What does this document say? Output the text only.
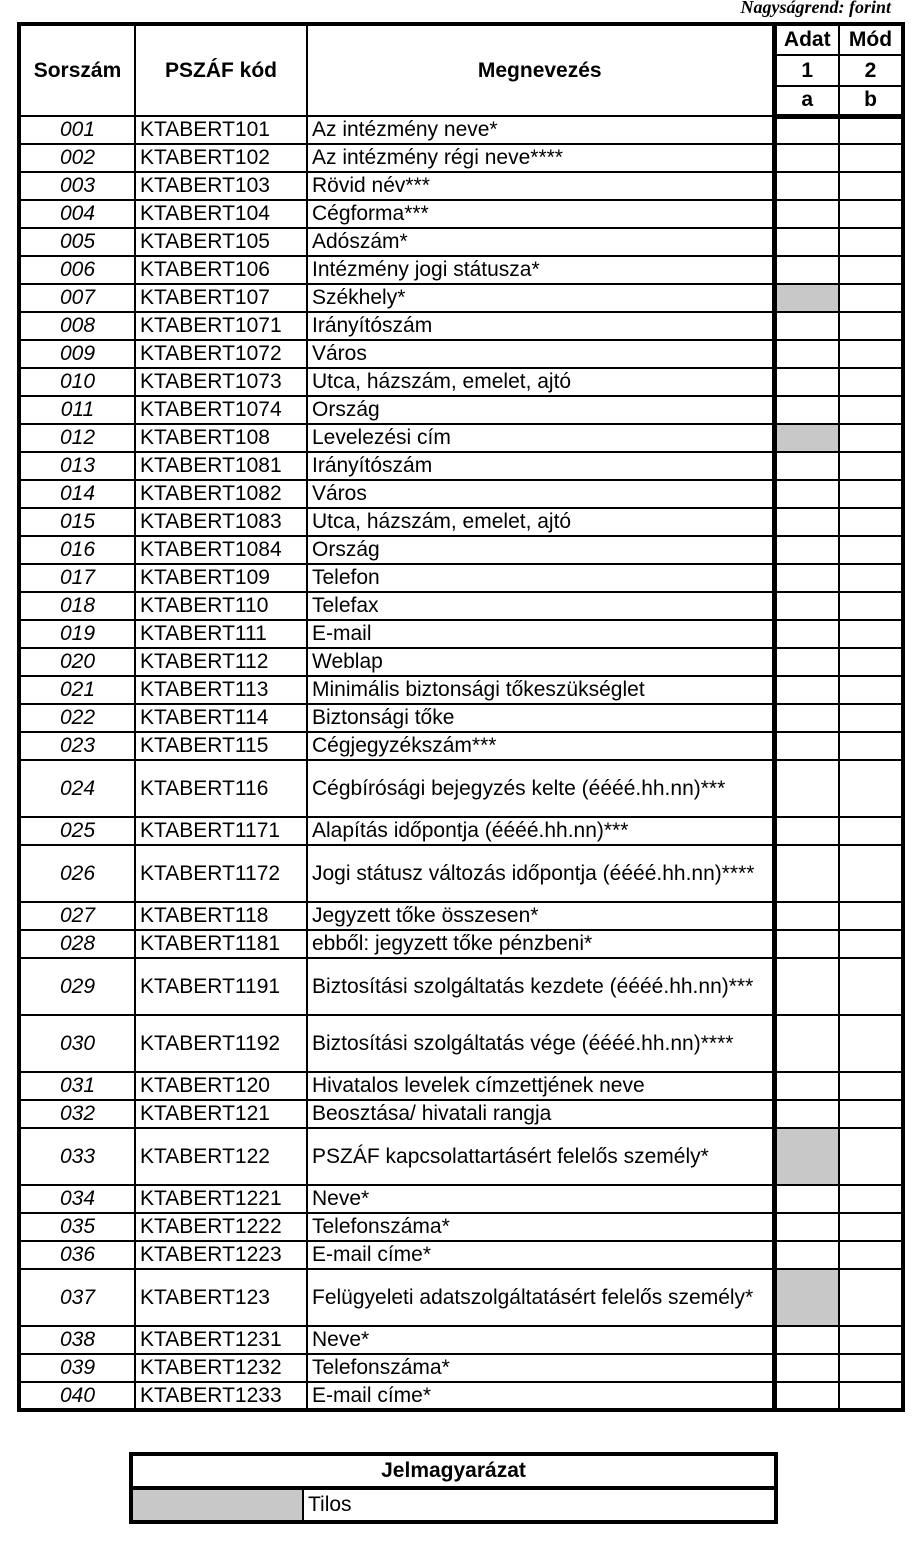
Nagyságrend: forint
Sorszám	PSZÁF kód	Megnevezés	Adat	Mód
			1	2
			a	b
001	KTABERT101	Az intézmény neve*		
002	KTABERT102	Az intézmény régi neve****		
003	KTABERT103	Rövid név***		
004	KTABERT104	Cégforma***		
005	KTABERT105	Adószám*		
006	KTABERT106	Intézmény jogi státusza*		
007	KTABERT107	Székhely*		
008	KTABERT1071	Irányítószám		
009	KTABERT1072	Város		
010	KTABERT1073	Utca, házszám, emelet, ajtó		
011	KTABERT1074	Ország		
012	KTABERT108	Levelezési cím		
013	KTABERT1081	Irányítószám		
014	KTABERT1082	Város		
015	KTABERT1083	Utca, házszám, emelet, ajtó		
016	KTABERT1084	Ország		
017	KTABERT109	Telefon		
018	KTABERT110	Telefax		
019	KTABERT111	E-mail		
020	KTABERT112	Weblap		
021	KTABERT113	Minimális biztonsági tőkeszükséglet		
022	KTABERT114	Biztonsági tőke		
023	KTABERT115	Cégjegyzékszám***		
024	KTABERT116	Cégbírósági bejegyzés kelte (éééé.hh.nn)***		
025	KTABERT1171	Alapítás időpontja (éééé.hh.nn)***		
026	KTABERT1172	Jogi státusz változás időpontja (éééé.hh.nn)****		
027	KTABERT118	Jegyzett tőke összesen*		
028	KTABERT1181	ebből: jegyzett tőke pénzbeni*		
029	KTABERT1191	Biztosítási szolgáltatás kezdete (éééé.hh.nn)***		
030	KTABERT1192	Biztosítási szolgáltatás vége (éééé.hh.nn)****		
031	KTABERT120	Hivatalos levelek címzettjének neve		
032	KTABERT121	Beosztása/ hivatali rangja		
033	KTABERT122	PSZÁF kapcsolattartásért felelős személy*		
034	KTABERT1221	Neve*		
035	KTABERT1222	Telefonszáma*		
036	KTABERT1223	E-mail címe*		
037	KTABERT123	Felügyeleti adatszolgáltatásért felelős személy*		
038	KTABERT1231	Neve*		
039	KTABERT1232	Telefonszáma*		
040	KTABERT1233	E-mail címe*		
Jelmagyarázat
	Tilos
